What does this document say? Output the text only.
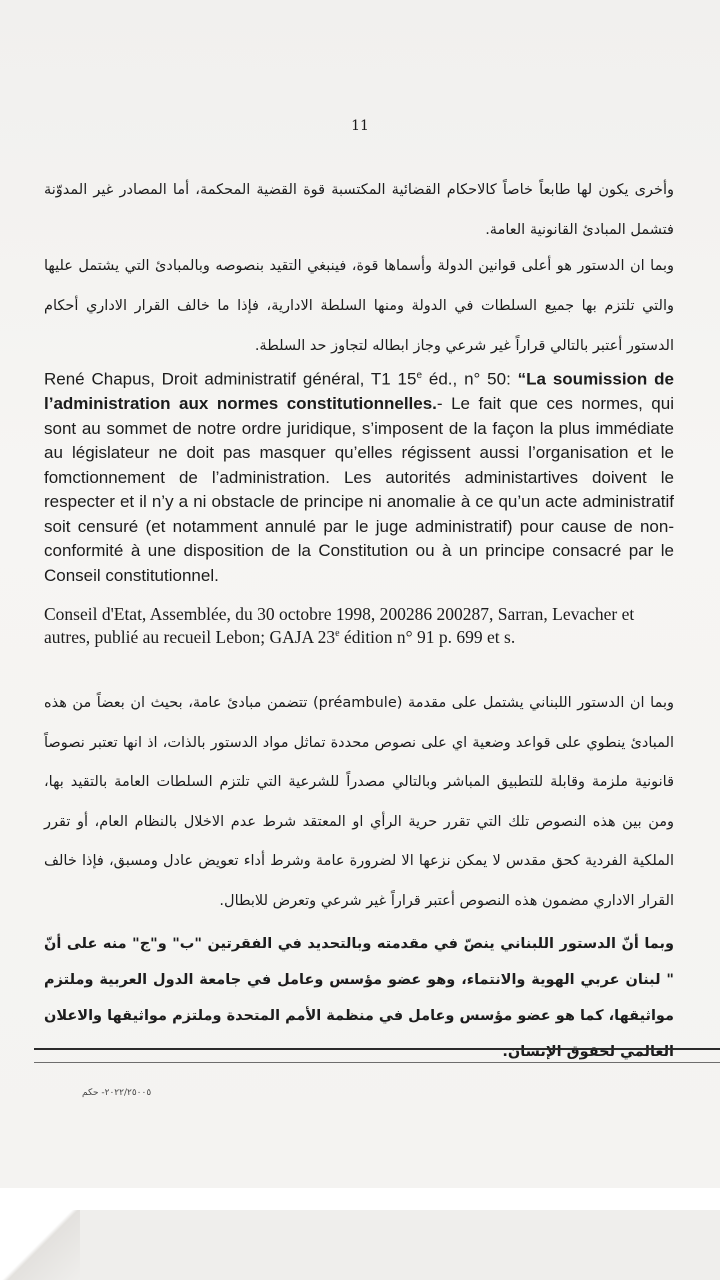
11

وأخرى يكون لها طابعاً خاصاً كالاحكام القضائية المكتسبة قوة القضية المحكمة، أما المصادر غير المدوّنة فتشمل المبادئ القانونية العامة.

وبما ان الدستور هو أعلى قوانين الدولة وأسماها قوة، فينبغي التقيد بنصوصه وبالمبادئ التي يشتمل عليها والتي تلتزم بها جميع السلطات في الدولة ومنها السلطة الادارية، فإذا ما خالف القرار الاداري أحكام الدستور أعتبر بالتالي قراراً غير شرعي وجاز ابطاله لتجاوز حد السلطة.

René Chapus, Droit administratif général, T1 15e éd., n° 50: “La soumission de l’administration aux normes constitutionnelles.- Le fait que ces normes, qui sont au sommet de notre ordre juridique, s’imposent de la façon la plus immédiate au législateur ne doit pas masquer qu’elles régissent aussi l’organisation et le fomctionnement de l’administration. Les autorités administartives doivent le respecter et il n’y a ni obstacle de principe ni anomalie à ce qu’un acte administratif soit censuré (et notamment annulé par le juge administratif) pour cause de non-conformité à une disposition de la Constitution ou à un principe consacré par le Conseil constitutionnel.

Conseil d'Etat, Assemblée, du 30 octobre 1998, 200286 200287, Sarran, Levacher et autres, publié au recueil Lebon; GAJA 23e édition n° 91 p. 699 et s.

وبما ان الدستور اللبناني يشتمل على مقدمة (préambule) تتضمن مبادئ عامة، بحيث ان بعضاً من هذه المبادئ ينطوي على قواعد وضعية اي على نصوص محددة تماثل مواد الدستور بالذات، اذ انها تعتبر نصوصاً قانونية ملزمة وقابلة للتطبيق المباشر وبالتالي مصدراً للشرعية التي تلتزم السلطات العامة بالتقيد بها، ومن بين هذه النصوص تلك التي تقرر حرية الرأي او المعتقد شرط عدم الاخلال بالنظام العام، أو تقرر الملكية الفردية كحق مقدس لا يمكن نزعها الا لضرورة عامة وشرط أداء تعويض عادل ومسبق، فإذا خالف القرار الاداري مضمون هذه النصوص أعتبر قراراً غير شرعي وتعرض للابطال.

وبما أنّ الدستور اللبناني ينصّ في مقدمته وبالتحديد في الفقرتين "ب" و"ج" منه على أنّ " لبنان عربي الهوية والانتماء، وهو عضو مؤسس وعامل في جامعة الدول العربية وملتزم مواثيقها، كما هو عضو مؤسس وعامل في منظمة الأمم المتحدة وملتزم مواثيقها والاعلان العالمي لحقوق الإنسان.

٢٠٢٢/٢٥٠٠٥- حكم
